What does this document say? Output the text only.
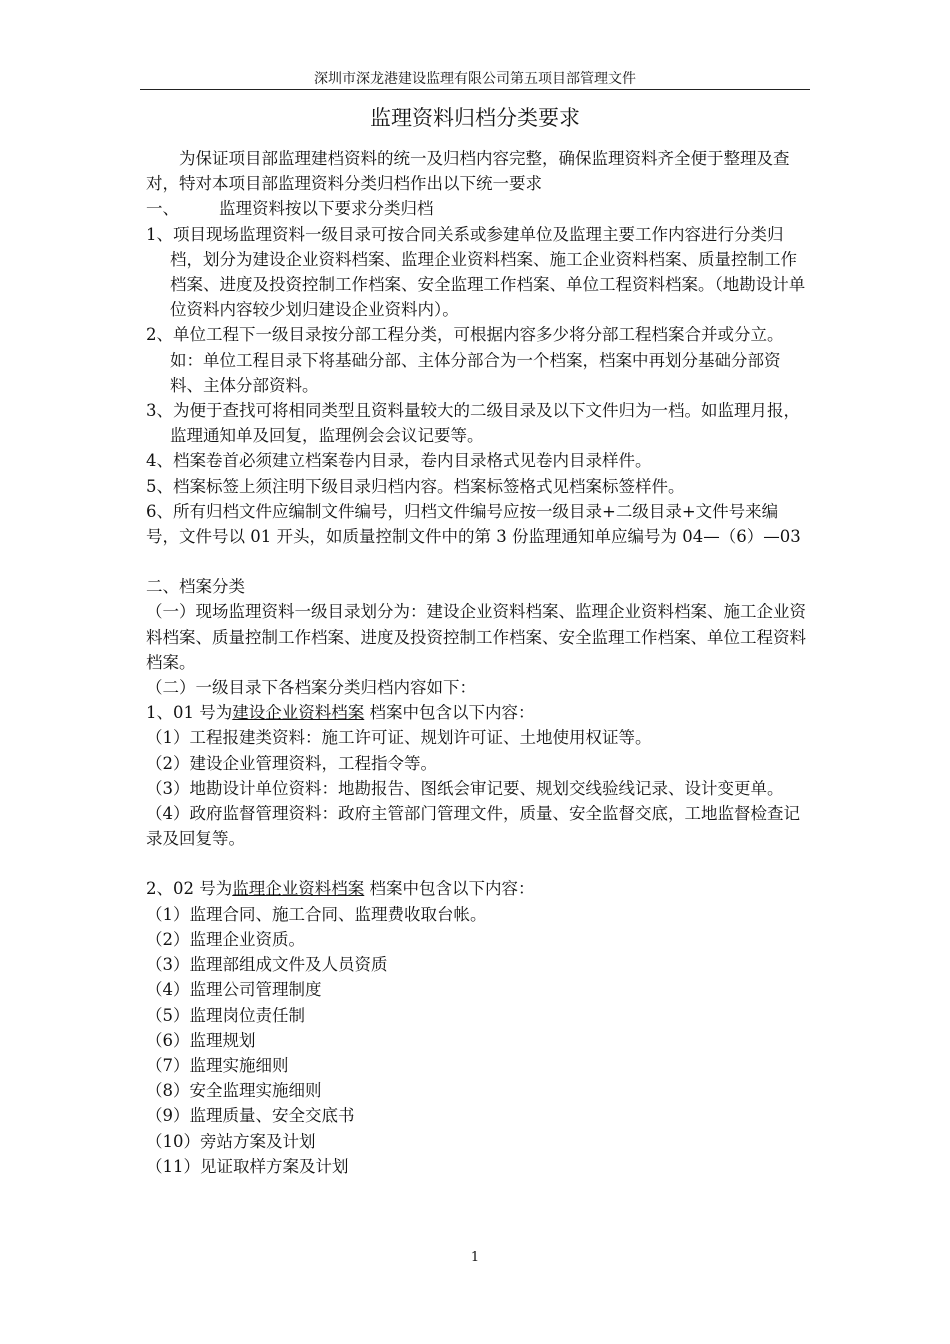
深圳市深龙港建设监理有限公司第五项目部管理文件
监理资料归档分类要求

为保证项目部监理建档资料的统一及归档内容完整，确保监理资料齐全便于整理及查对，特对本项目部监理资料分类归档作出以下统一要求

一、 监理资料按以下要求分类归档

1、项目现场监理资料一级目录可按合同关系或参建单位及监理主要工作内容进行分类归档，划分为建设企业资料档案、监理企业资料档案、施工企业资料档案、质量控制工作档案、进度及投资控制工作档案、安全监理工作档案、单位工程资料档案。（地勘设计单位资料内容较少划归建设企业资料内）。

2、单位工程下一级目录按分部工程分类，可根据内容多少将分部工程档案合并或分立。如：单位工程目录下将基础分部、主体分部合为一个档案，档案中再划分基础分部资料、主体分部资料。

3、为便于查找可将相同类型且资料量较大的二级目录及以下文件归为一档。如监理月报，监理通知单及回复，监理例会会议记要等。

4、档案卷首必须建立档案卷内目录，卷内目录格式见卷内目录样件。

5、档案标签上须注明下级目录归档内容。档案标签格式见档案标签样件。

6、所有归档文件应编制文件编号，归档文件编号应按一级目录+二级目录+文件号来编号，文件号以 01 开头，如质量控制文件中的第 3 份监理通知单应编号为 04—（6）—03

二、档案分类

（一）现场监理资料一级目录划分为：建设企业资料档案、监理企业资料档案、施工企业资料档案、质量控制工作档案、进度及投资控制工作档案、安全监理工作档案、单位工程资料档案。

（二）一级目录下各档案分类归档内容如下：

1、01 号为建设企业资料档案 档案中包含以下内容：

（1）工程报建类资料：施工许可证、规划许可证、土地使用权证等。

（2）建设企业管理资料，工程指令等。

（3）地勘设计单位资料：地勘报告、图纸会审记要、规划交线验线记录、设计变更单。

（4）政府监督管理资料：政府主管部门管理文件，质量、安全监督交底，工地监督检查记录及回复等。

2、02 号为监理企业资料档案 档案中包含以下内容：

（1）监理合同、施工合同、监理费收取台帐。

（2）监理企业资质。

（3）监理部组成文件及人员资质

（4）监理公司管理制度

（5）监理岗位责任制

（6）监理规划

（7）监理实施细则

（8）安全监理实施细则

（9）监理质量、安全交底书

（10）旁站方案及计划

（11）见证取样方案及计划

1
